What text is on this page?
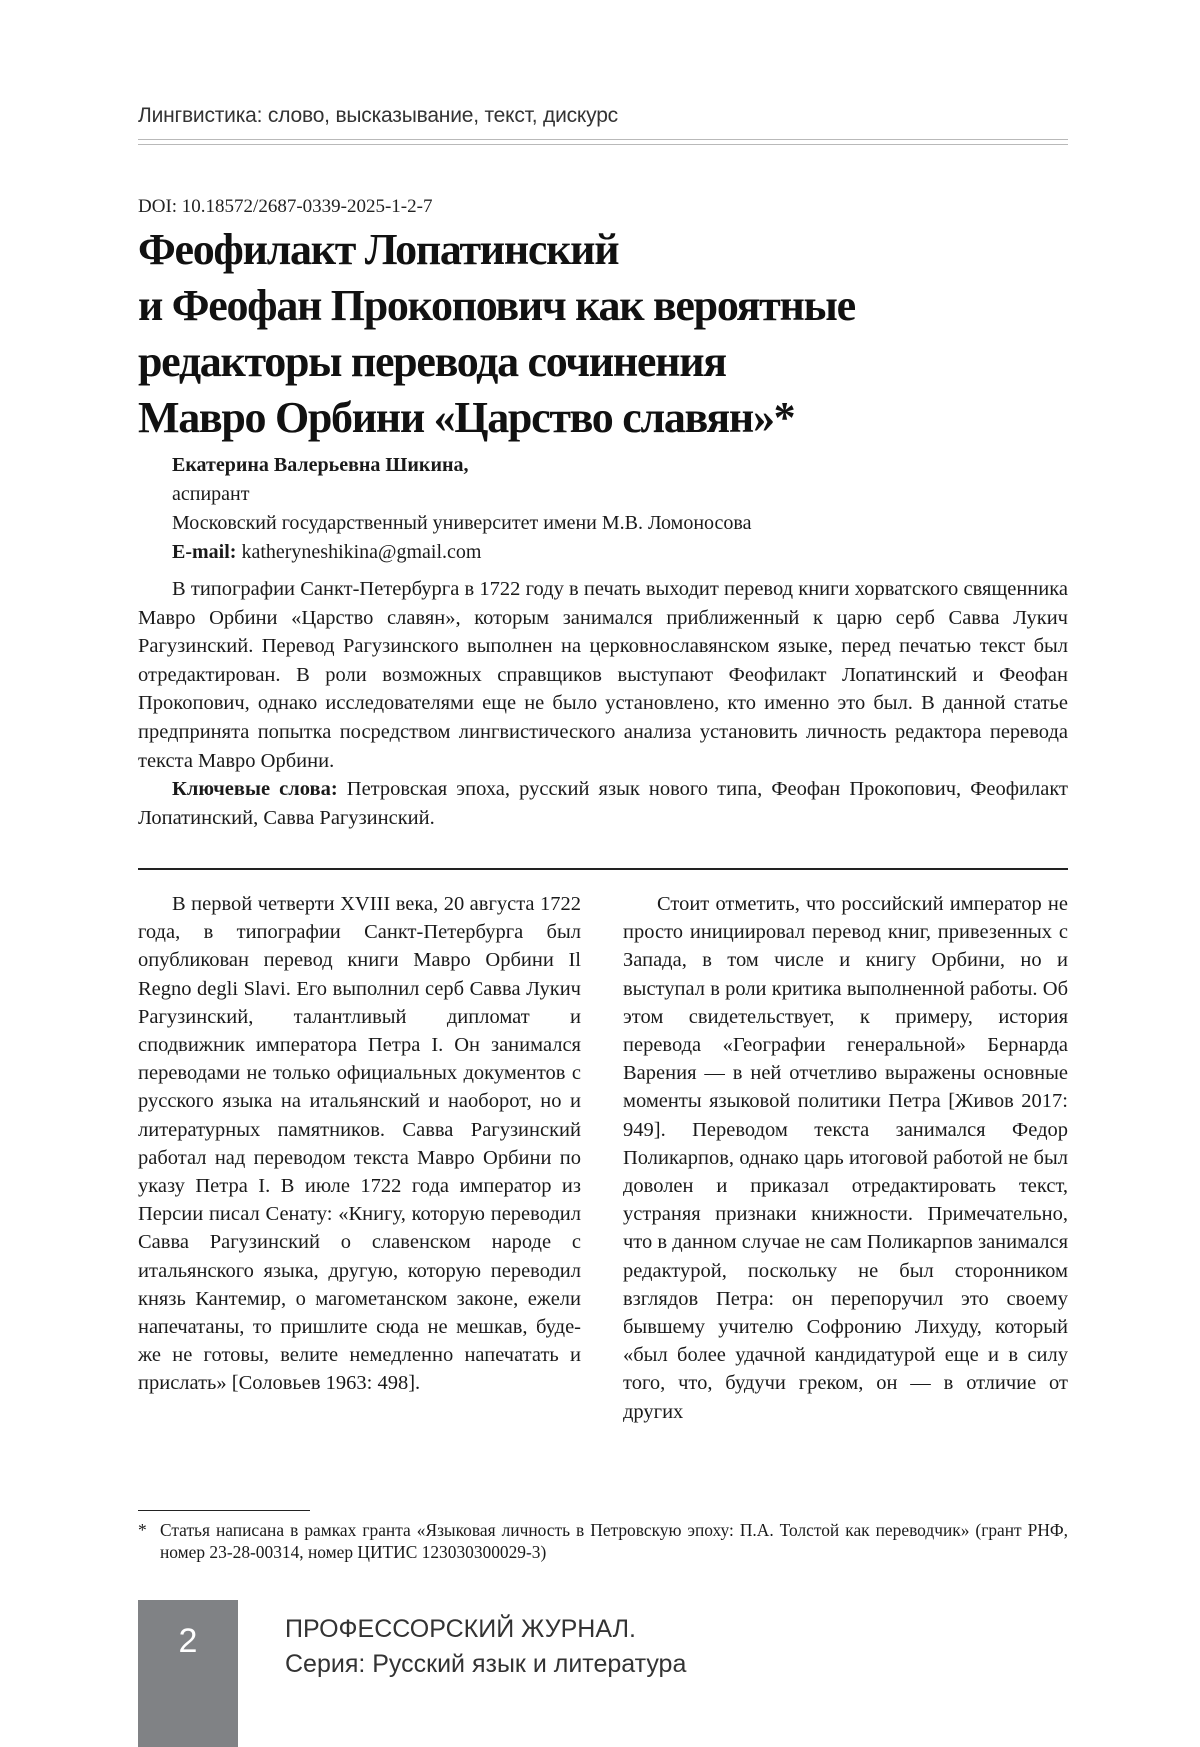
Лингвистика: слово, высказывание, текст, дискурс
DOI: 10.18572/2687-0339-2025-1-2-7
Феофилакт Лопатинский
и Феофан Прокопович как вероятные
редакторы перевода сочинения
Мавро Орбини «Царство славян»*
Екатерина Валерьевна Шикина,
аспирант
Московский государственный университет имени М.В. Ломоносова
E-mail: katheryneshikina@gmail.com

В типографии Санкт-Петербурга в 1722 году в печать выходит перевод книги хорватского священника Мавро Орбини «Царство славян», которым занимался приближенный к царю серб Савва Лукич Рагузинский. Перевод Рагузинского выполнен на церковнославянском языке, перед печатью текст был отредактирован. В роли возможных справщиков выступают Феофилакт Лопатинский и Феофан Прокопович, однако исследователями еще не было установлено, кто именно это был. В данной статье предпринята попытка посредством лингвистического анализа установить личность редактора перевода текста Мавро Орбини.

Ключевые слова: Петровская эпоха, русский язык нового типа, Феофан Прокопович, Феофилакт Лопатинский, Савва Рагузинский.

В первой четверти XVIII века, 20 августа 1722 года, в типографии Санкт-Петербурга был опубликован перевод книги Мавро Орбини Il Regno degli Slavi. Его выполнил серб Савва Лукич Рагузинский, талантливый дипломат и сподвижник императора Петра I. Он занимался переводами не только официальных документов с русского языка на итальянский и наоборот, но и литературных памятников. Савва Рагузинский работал над переводом текста Мавро Орбини по указу Петра I. В июле 1722 года император из Персии писал Сенату: «Книгу, которую переводил Савва Рагузинский о славенском народе с итальянского языка, другую, которую переводил князь Кантемир, о магометанском законе, ежели напечатаны, то пришлите сюда не мешкав, буде-же не готовы, велите немедленно напечатать и прислать» [Соловьев 1963: 498].

Стоит отметить, что российский император не просто инициировал перевод книг, привезенных с Запада, в том числе и книгу Орбини, но и выступал в роли критика выполненной работы. Об этом свидетельствует, к примеру, история перевода «Географии генеральной» Бернарда Варения — в ней отчетливо выражены основные моменты языковой политики Петра [Живов 2017: 949]. Переводом текста занимался Федор Поликарпов, однако царь итоговой работой не был доволен и приказал отредактировать текст, устраняя признаки книжности. Примечательно, что в данном случае не сам Поликарпов занимался редактурой, поскольку не был сторонником взглядов Петра: он перепоручил это своему бывшему учителю Софронию Лихуду, который «был более удачной кандидатурой еще и в силу того, что, будучи греком, он — в отличие от других

* Статья написана в рамках гранта «Языковая личность в Петровскую эпоху: П.А. Толстой как переводчик» (грант РНФ, номер 23-28-00314, номер ЦИТИС 123030300029-3)

2	ПРОФЕССОРСКИЙ ЖУРНАЛ.
Серия: Русский язык и литература
